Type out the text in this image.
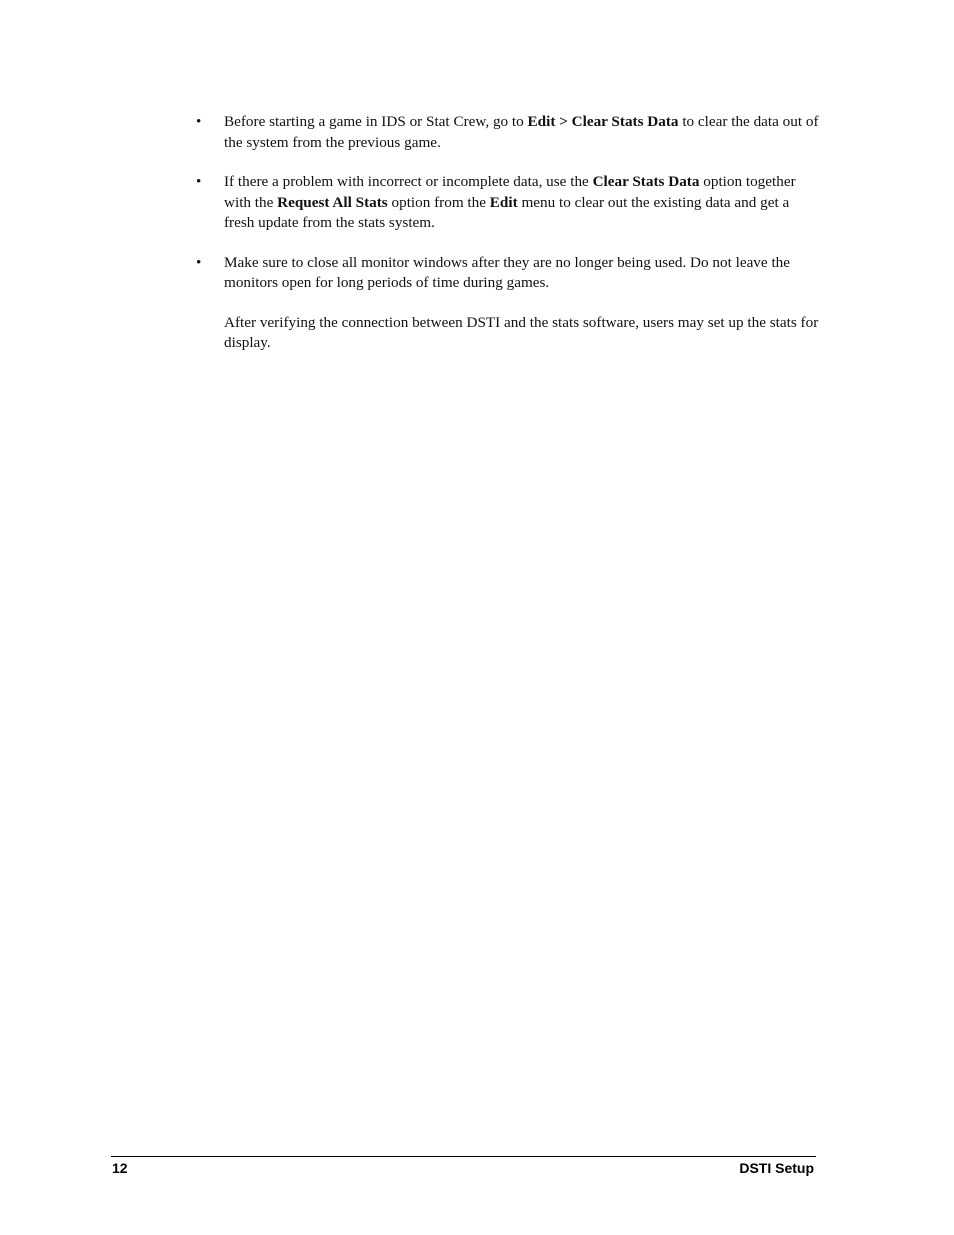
•	Before starting a game in IDS or Stat Crew, go to Edit > Clear Stats Data to clear the data out of the system from the previous game.
•	If there a problem with incorrect or incomplete data, use the Clear Stats Data option together with the Request All Stats option from the Edit menu to clear out the existing data and get a fresh update from the stats system.
•	Make sure to close all monitor windows after they are no longer being used. Do not leave the monitors open for long periods of time during games.

After verifying the connection between DSTI and the stats software, users may set up the stats for display.

12	DSTI Setup
